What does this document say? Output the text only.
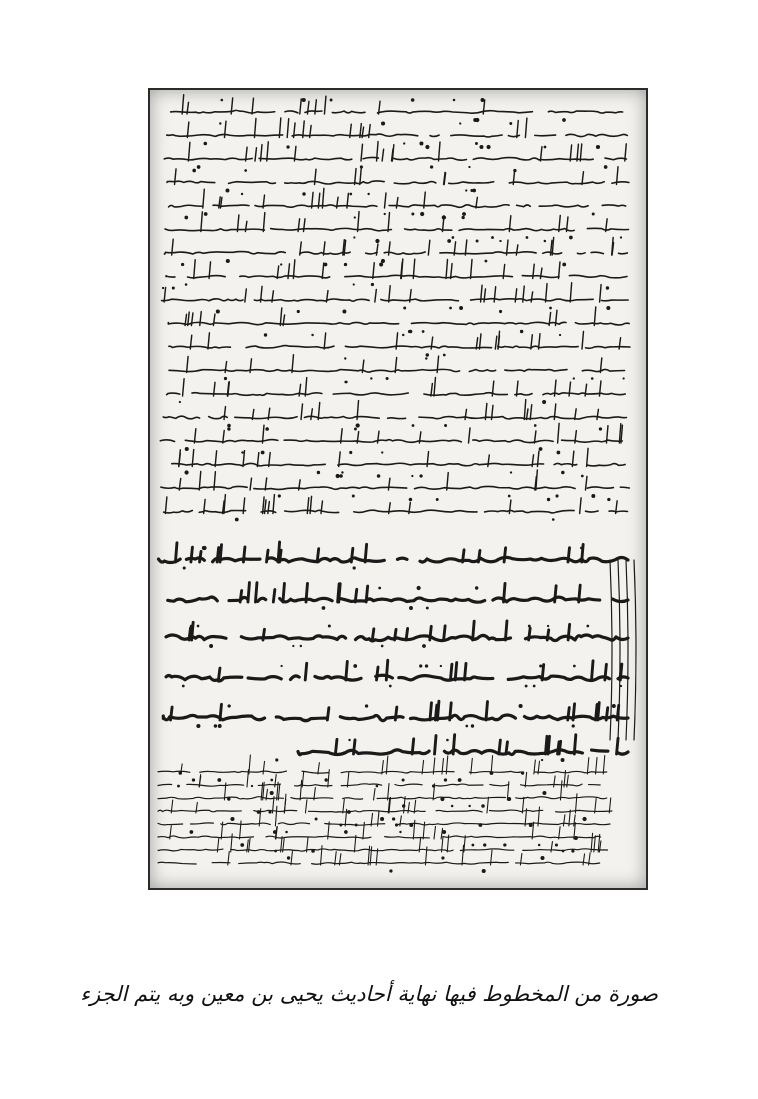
صورة من المخطوط فيها نهاية أحاديث يحيى بن معين وبه يتم الجزء
